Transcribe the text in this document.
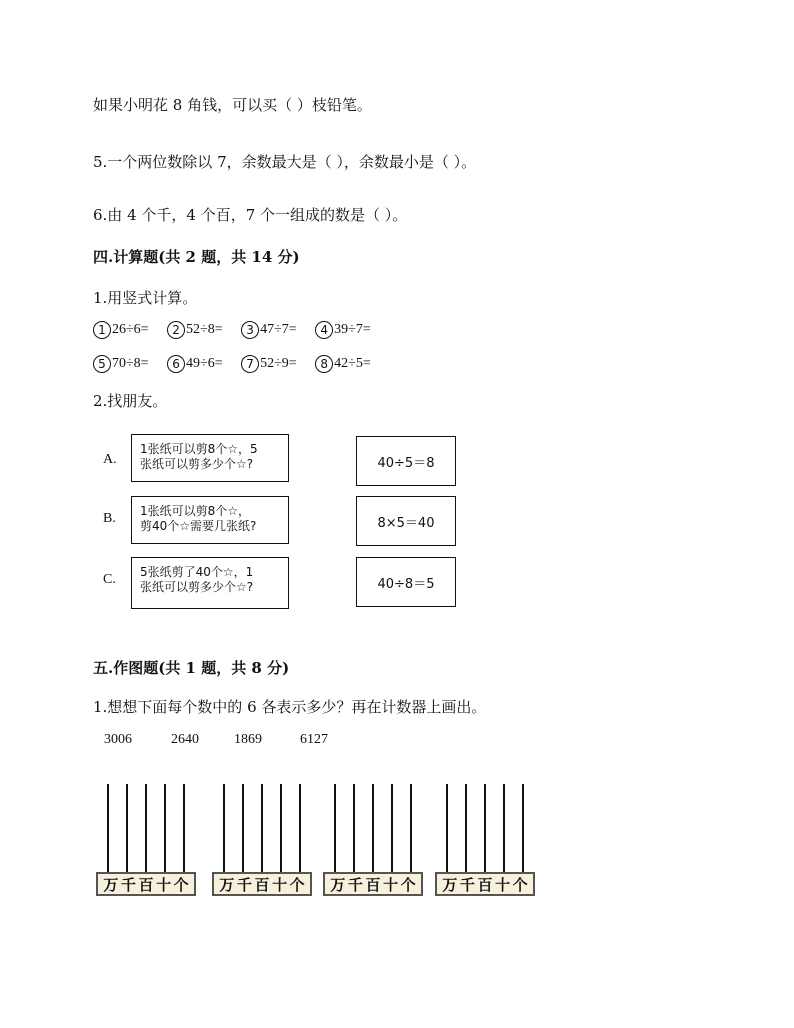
如果小明花 8 角钱，可以买（ ）枝铅笔。
5.一个两位数除以 7，余数最大是（ ），余数最小是（ ）。
6.由 4 个千，4 个百，7 个一组成的数是（ ）。
四.计算题(共 2 题，共 14 分)
1.用竖式计算。
1 26÷6= 2 52÷8= 3 47÷7= 4 39÷7=
5 70÷8= 6 49÷6= 7 52÷9= 8 42÷5=
2.找朋友。
A.
1张纸可以剪8个☆，5
张纸可以剪多少个☆?	40÷5＝8
B. 1张纸可以剪8个☆，
剪40个☆需要几张纸?	8×5＝40
C. 5张纸剪了40个☆，1
张纸可以剪多少个☆?	40÷8＝5
五.作图题(共 1 题，共 8 分)
1.想想下面每个数中的 6 各表示多少？再在计数器上画出。
3006	2640	1869	6127
万 千 百 十 个 万 千 百 十 个 万 千 百 十 个 万 千 百 十 个
